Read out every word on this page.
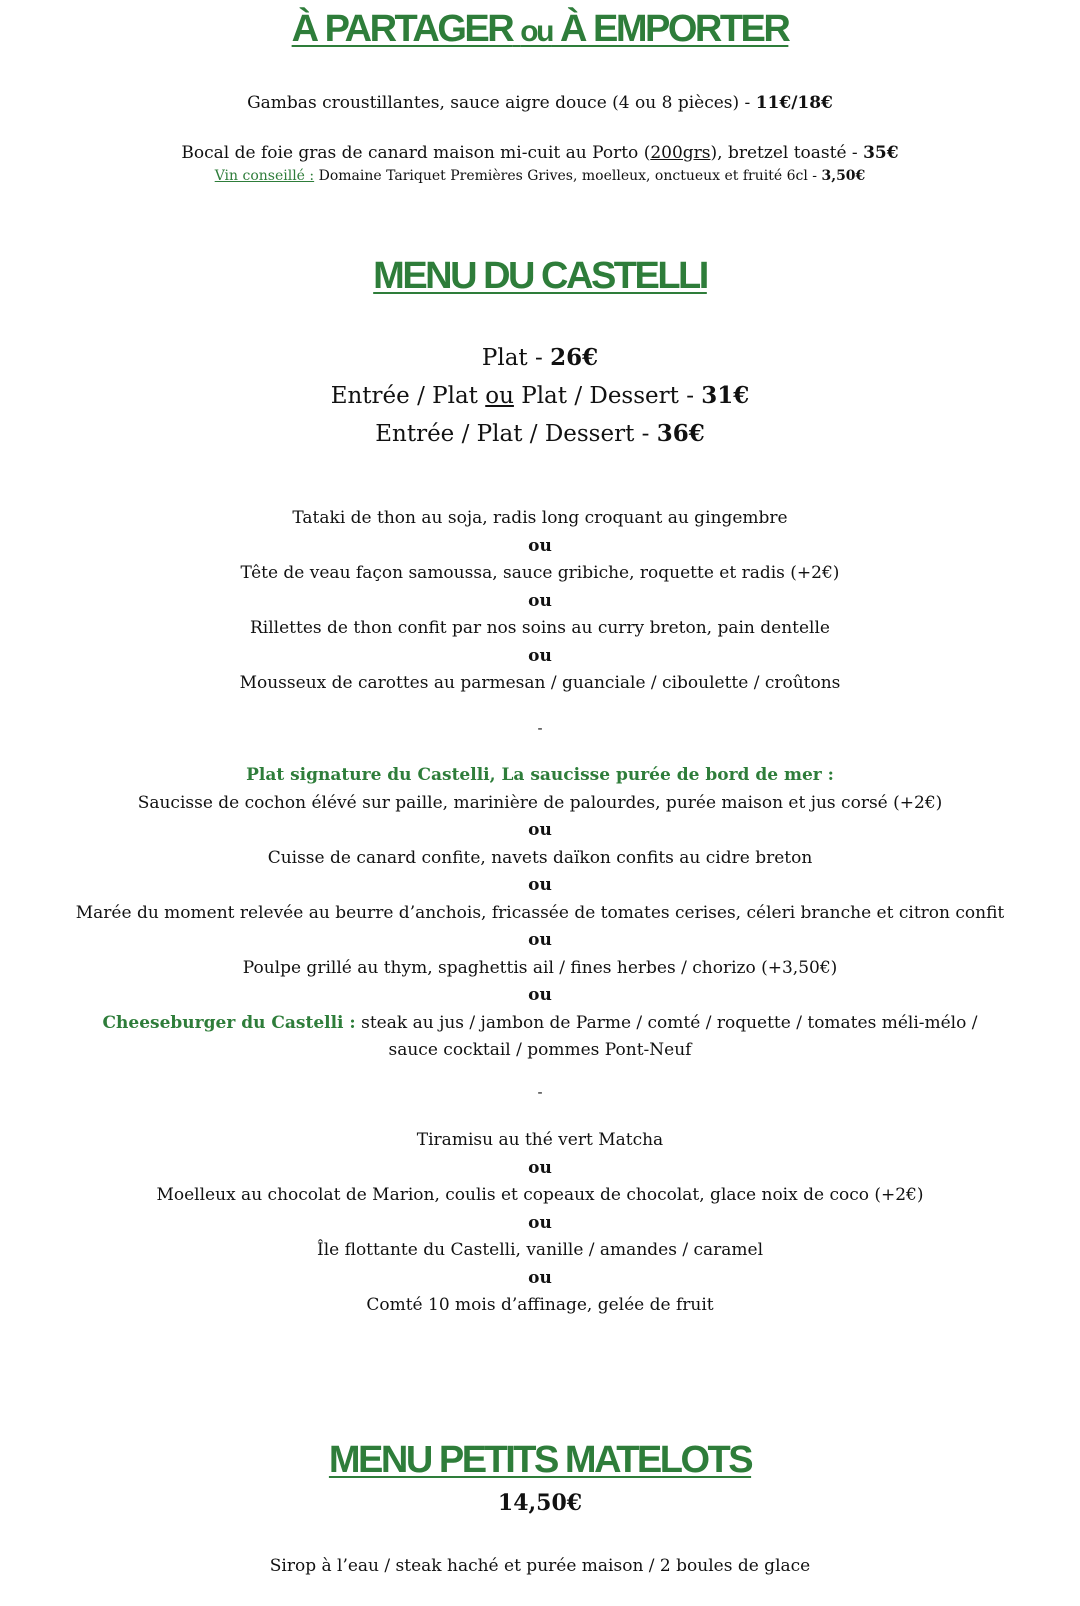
À PARTAGER ou À EMPORTER
Gambas croustillantes, sauce aigre douce (4 ou 8 pièces) - 11€/18€
Bocal de foie gras de canard maison mi-cuit au Porto (200grs), bretzel toasté - 35€
Vin conseillé : Domaine Tariquet Premières Grives, moelleux, onctueux et fruité 6cl - 3,50€
MENU DU CASTELLI
Plat - 26€
Entrée / Plat ou Plat / Dessert - 31€
Entrée / Plat / Dessert - 36€
Tataki de thon au soja, radis long croquant au gingembre
ou
Tête de veau façon samoussa, sauce gribiche, roquette et radis (+2€)
ou
Rillettes de thon confit par nos soins au curry breton, pain dentelle
ou
Mousseux de carottes au parmesan / guanciale / ciboulette / croûtons
-
Plat signature du Castelli, La saucisse purée de bord de mer :
Saucisse de cochon élévé sur paille, marinière de palourdes, purée maison et jus corsé (+2€)
ou
Cuisse de canard confite, navets daïkon confits au cidre breton
ou
Marée du moment relevée au beurre d’anchois, fricassée de tomates cerises, céleri branche et citron confit
ou
Poulpe grillé au thym, spaghettis ail / fines herbes / chorizo (+3,50€)
ou
Cheeseburger du Castelli : steak au jus / jambon de Parme / comté / roquette / tomates méli-mélo /
sauce cocktail / pommes Pont-Neuf
-
Tiramisu au thé vert Matcha
ou
Moelleux au chocolat de Marion, coulis et copeaux de chocolat, glace noix de coco (+2€)
ou
Île flottante du Castelli, vanille / amandes / caramel
ou
Comté 10 mois d’affinage, gelée de fruit
MENU PETITS MATELOTS
14,50€
Sirop à l’eau / steak haché et purée maison / 2 boules de glace
